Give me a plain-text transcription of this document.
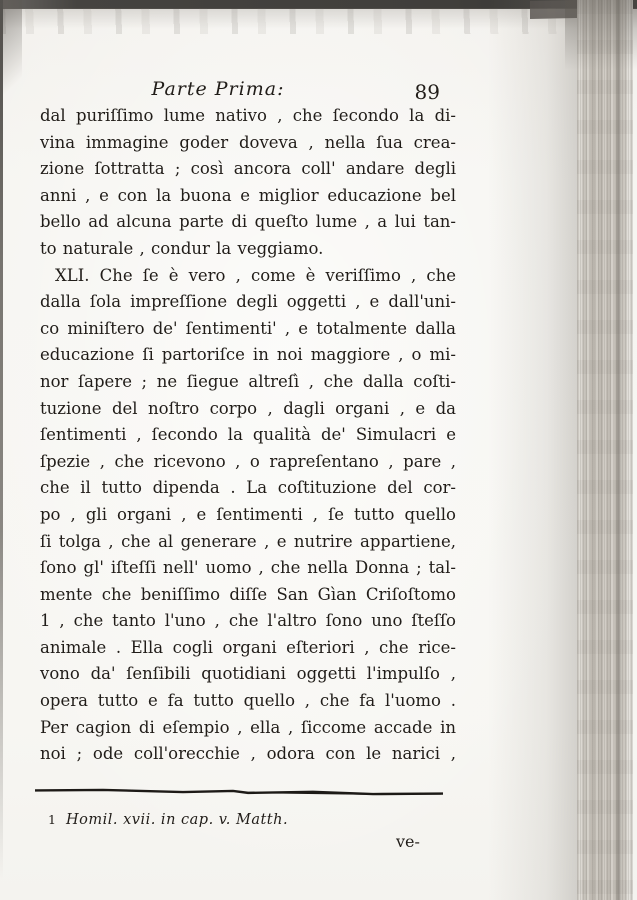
Parte Prima:	89
dal puriſſimo lume nativo , che ſecondo la di-
vina immagine goder doveva , nella ſua crea-
zione ſottratta ; così ancora coll' andare degli
anni , e con la buona e miglior educazione bel
bello ad alcuna parte di queſto lume , a lui tan-
to naturale , condur la veggiamo.
XLI. Che ſe è vero , come è veriſſimo , che
dalla ſola impreſſione degli oggetti , e dall'uni-
co miniſtero de' ſentimenti' , e totalmente dalla
educazione ſi partoriſce in noi maggiore , o mi-
nor ſapere ; ne ſiegue altreſì , che dalla coſti-
tuzione del noſtro corpo , dagli organi , e da
ſentimenti , ſecondo la qualità de' Simulacri e
ſpezie , che ricevono , o rapreſentano , pare ,
che il tutto dipenda . La coſtituzione del cor-
po , gli organi , e ſentimenti , ſe tutto quello
ſi tolga , che al generare , e nutrire appartiene,
ſono gl' iſteſſi nell' uomo , che nella Donna ; tal-
mente che beniſſimo diſſe San Gìan Criſoſtomo
1 , che tanto l'uno , che l'altro ſono uno ſteſſo
animale . Ella cogli organi eſteriori , che rice-
vono da' ſenſibili quotidiani oggetti l'impulſo ,
opera tutto e fa tutto quello , che fa l'uomo .
Per cagion di eſempio , ella , ſiccome accade in
noi ; ode coll'orecchie , odora con le narici ,
1 Homil. xvii. in cap. v. Matth.
ve-
